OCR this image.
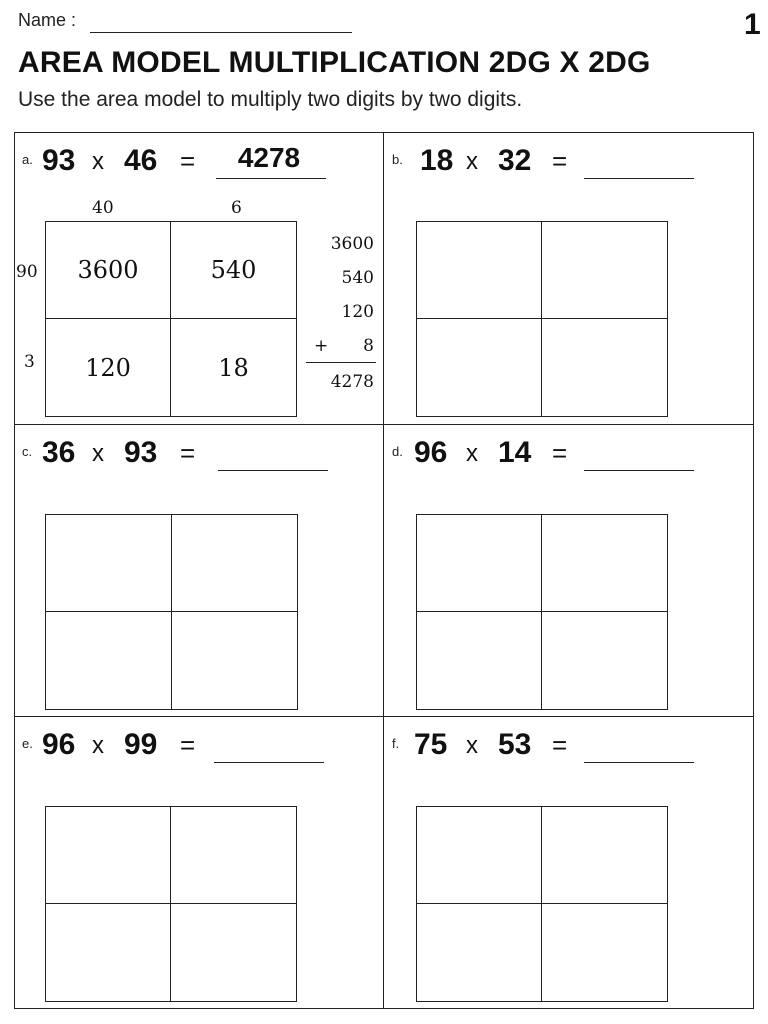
Name :	1
AREA MODEL MULTIPLICATION 2DG X 2DG
Use the area model to multiply two digits by two digits.
a. 93 x 46 =	4278
40	6
90
3
3600	540
120	18
3600
540
120
+	8
4278
b. 18 x 32 =
c. 36 x 93 =	d. 96 x 14 =
e. 96 x 99 =	f. 75 x 53 =
